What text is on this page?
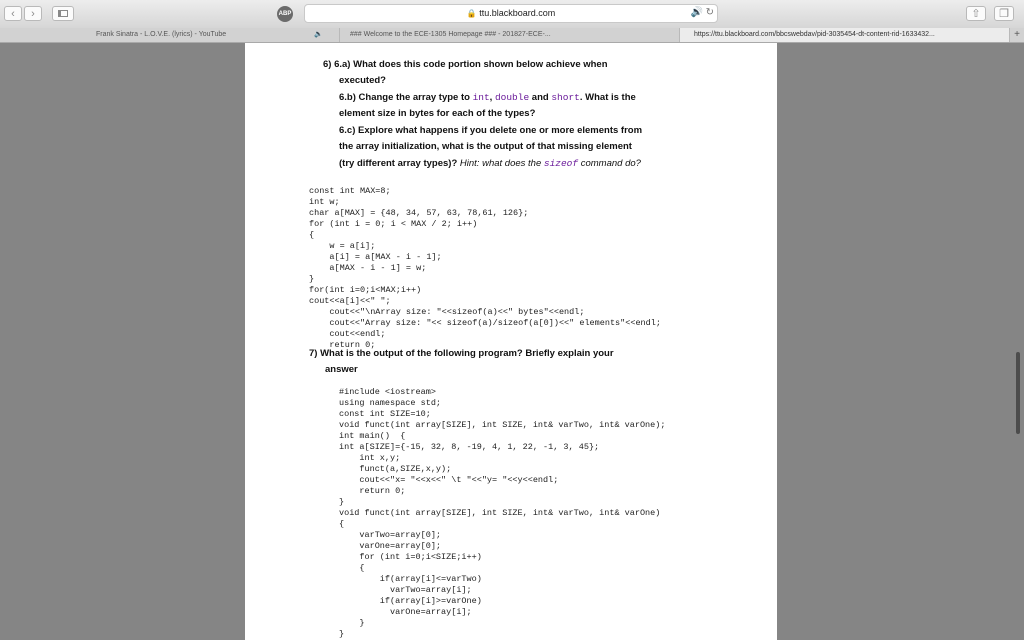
‹ ›	ABP	🔒 ttu.blackboard.com	🔊 ↻	⇧ ❐
Frank Sinatra - L.O.V.E. (lyrics) - YouTube	🔈	### Welcome to the ECE-1305 Homepage ### - 201827-ECE-...	https://ttu.blackboard.com/bbcswebdav/pid-3035454-dt-content-rid-1633432...	+
6) 6.a) What does this code portion shown below achieve when
executed?
6.b) Change the array type to int, double and short. What is the
element size in bytes for each of the types?
6.c) Explore what happens if you delete one or more elements from
the array initialization, what is the output of that missing element
(try different array types)? Hint: what does the sizeof command do?

const int MAX=8;
int w;
char a[MAX] = {48, 34, 57, 63, 78,61, 126};
for (int i = 0; i < MAX / 2; i++)
{
w = a[i];
a[i] = a[MAX - i - 1];
a[MAX - i - 1] = w;
}
for(int i=0;i<MAX;i++)
cout<<a[i]<<" ";
cout<<"\nArray size: "<<sizeof(a)<<" bytes"<<endl;
cout<<"Array size: "<< sizeof(a)/sizeof(a[0])<<" elements"<<endl;
cout<<endl;
return 0;
7) What is the output of the following program? Briefly explain your
answer

#include <iostream>
using namespace std;
const int SIZE=10;
void funct(int array[SIZE], int SIZE, int& varTwo, int& varOne);
int main()  {
int a[SIZE]={-15, 32, 8, -19, 4, 1, 22, -1, 3, 45};
int x,y;
funct(a,SIZE,x,y);
cout<<"x= "<<x<<" \t "<<"y= "<<y<<endl;
return 0;
}
void funct(int array[SIZE], int SIZE, int& varTwo, int& varOne)
{
varTwo=array[0];
varOne=array[0];
for (int i=0;i<SIZE;i++)
{
if(array[i]<=varTwo)
varTwo=array[i];
if(array[i]>=varOne)
varOne=array[i];
}
}
